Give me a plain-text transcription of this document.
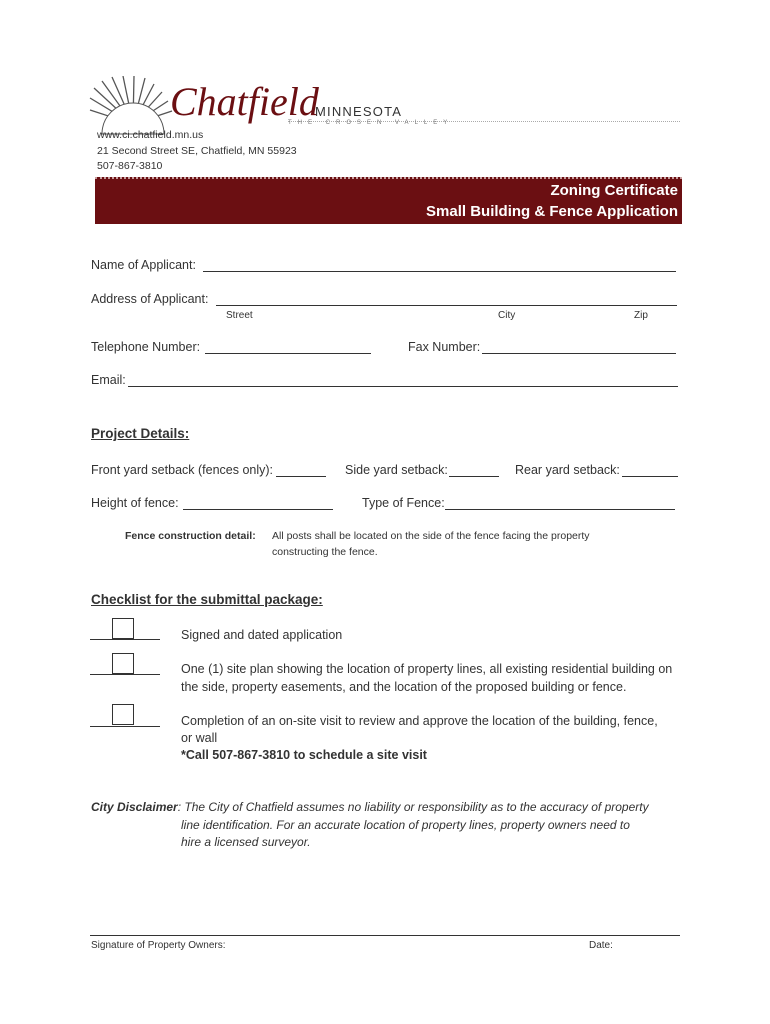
Chatfield
MINNESOTA
THE CROSEN VALLEY
www.ci.chatfield.mn.us
21 Second Street SE, Chatfield, MN 55923
507-867-3810
Zoning Certificate
Small Building & Fence Application
Name of Applicant:
Address of Applicant:
Street	City	Zip
Telephone Number:	Fax Number:
Email:
Project Details:
Front yard setback (fences only):	Side yard setback:	Rear yard setback:
Height of fence:	Type of Fence:
Fence construction detail: All posts shall be located on the side of the fence facing the property
constructing the fence.
Checklist for the submittal package:
Signed and dated application
One (1) site plan showing the location of property lines, all existing residential building on
the side, property easements, and the location of the proposed building or fence.
Completion of an on-site visit to review and approve the location of the building, fence,
or wall
*Call 507-867-3810 to schedule a site visit
City Disclaimer: The City of Chatfield assumes no liability or responsibility as to the accuracy of property
line identification. For an accurate location of property lines, property owners need to
hire a licensed surveyor.
Signature of Property Owners:	Date:
